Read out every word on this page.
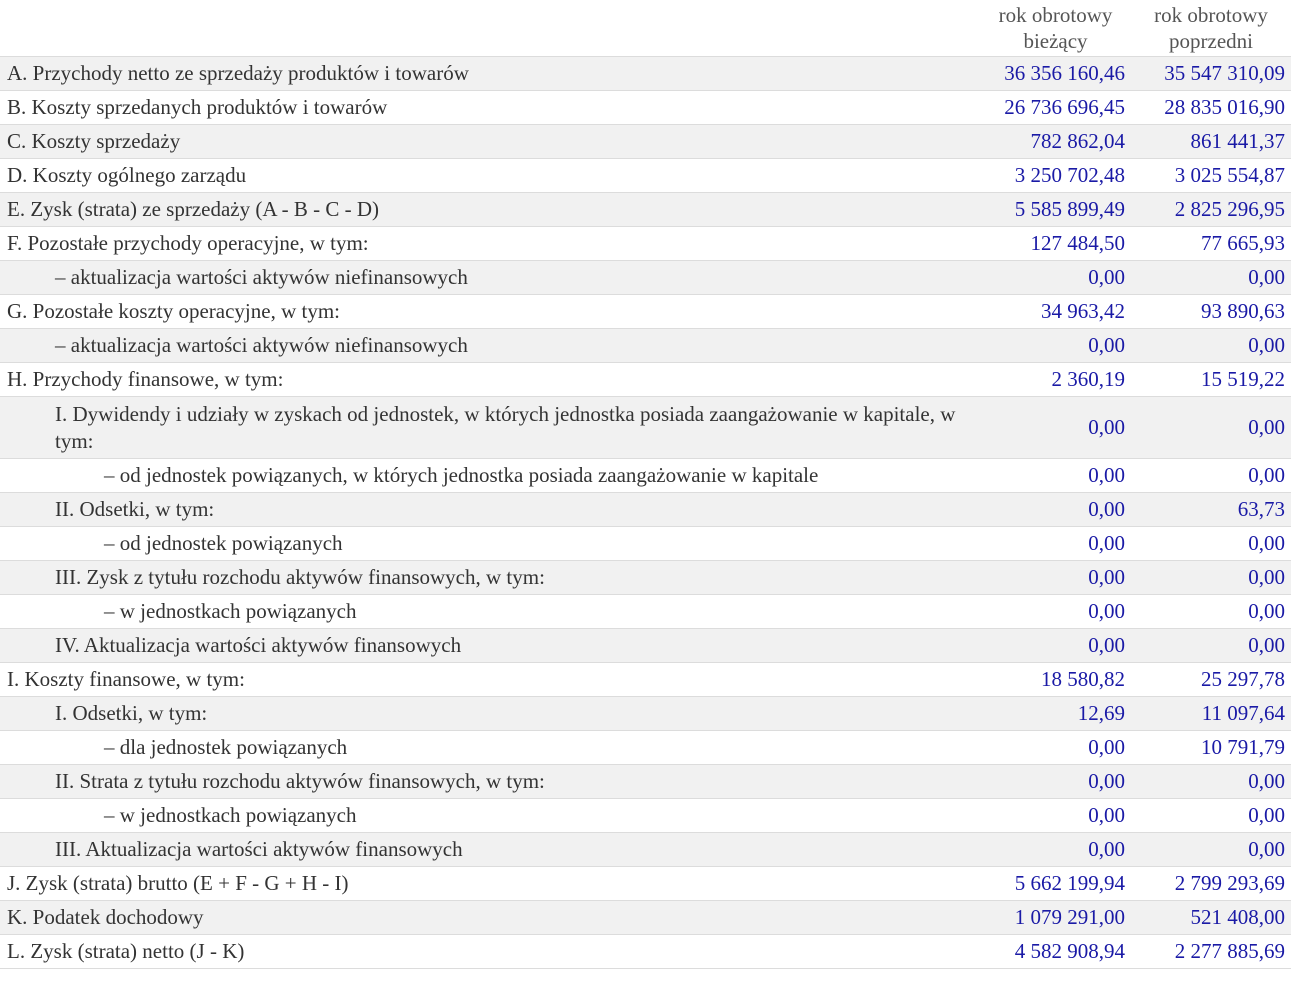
	rok obrotowy bieżący	rok obrotowy poprzedni
A. Przychody netto ze sprzedaży produktów i towarów	36 356 160,46	35 547 310,09
B. Koszty sprzedanych produktów i towarów	26 736 696,45	28 835 016,90
C. Koszty sprzedaży	782 862,04	861 441,37
D. Koszty ogólnego zarządu	3 250 702,48	3 025 554,87
E. Zysk (strata) ze sprzedaży (A - B - C - D)	5 585 899,49	2 825 296,95
F. Pozostałe przychody operacyjne, w tym:	127 484,50	77 665,93
– aktualizacja wartości aktywów niefinansowych	0,00	0,00
G. Pozostałe koszty operacyjne, w tym:	34 963,42	93 890,63
– aktualizacja wartości aktywów niefinansowych	0,00	0,00
H. Przychody finansowe, w tym:	2 360,19	15 519,22
I. Dywidendy i udziały w zyskach od jednostek, w których jednostka posiada zaangażowanie w kapitale, w tym:	0,00	0,00
– od jednostek powiązanych, w których jednostka posiada zaangażowanie w kapitale	0,00	0,00
II. Odsetki, w tym:	0,00	63,73
– od jednostek powiązanych	0,00	0,00
III. Zysk z tytułu rozchodu aktywów finansowych, w tym:	0,00	0,00
– w jednostkach powiązanych	0,00	0,00
IV. Aktualizacja wartości aktywów finansowych	0,00	0,00
I. Koszty finansowe, w tym:	18 580,82	25 297,78
I. Odsetki, w tym:	12,69	11 097,64
– dla jednostek powiązanych	0,00	10 791,79
II. Strata z tytułu rozchodu aktywów finansowych, w tym:	0,00	0,00
– w jednostkach powiązanych	0,00	0,00
III. Aktualizacja wartości aktywów finansowych	0,00	0,00
J. Zysk (strata) brutto (E + F - G + H - I)	5 662 199,94	2 799 293,69
K. Podatek dochodowy	1 079 291,00	521 408,00
L. Zysk (strata) netto (J - K)	4 582 908,94	2 277 885,69
